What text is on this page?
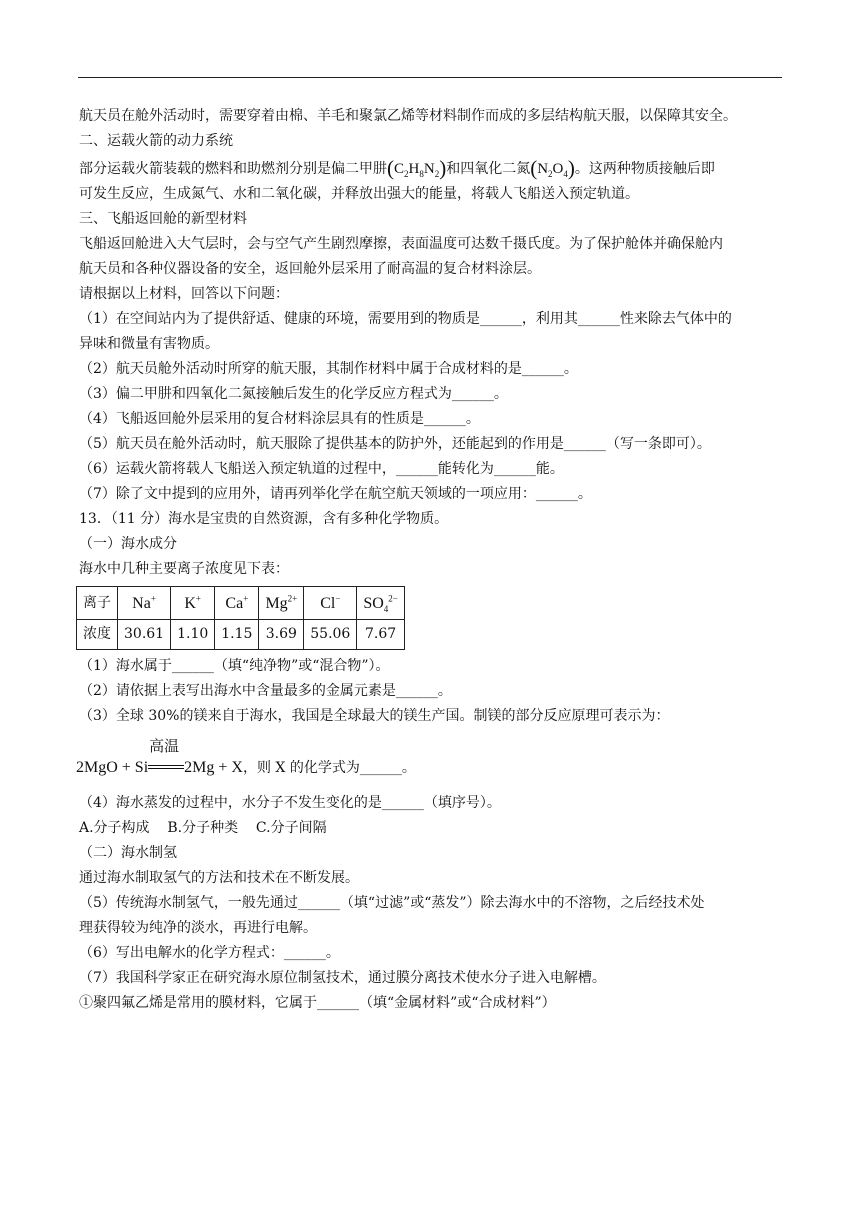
航天员在舱外活动时，需要穿着由棉、羊毛和聚氯乙烯等材料制作而成的多层结构航天服，以保障其安全。
二、运载火箭的动力系统
部分运载火箭装载的燃料和助燃剂分别是偏二甲肼$(C_2H_8N_2)$和四氧化二氮$(N_2O_4)$。这两种物质接触后即
可发生反应，生成氮气、水和二氧化碳，并释放出强大的能量，将载人飞船送入预定轨道。
三、飞船返回舱的新型材料
飞船返回舱进入大气层时，会与空气产生剧烈摩擦，表面温度可达数千摄氏度。为了保护舱体并确保舱内
航天员和各种仪器设备的安全，返回舱外层采用了耐高温的复合材料涂层。
请根据以上材料，回答以下问题：
（1）在空间站内为了提供舒适、健康的环境，需要用到的物质是______，利用其______性来除去气体中的
异味和微量有害物质。
（2）航天员舱外活动时所穿的航天服，其制作材料中属于合成材料的是______。
（3）偏二甲肼和四氧化二氮接触后发生的化学反应方程式为______。
（4）飞船返回舱外层采用的复合材料涂层具有的性质是______。
（5）航天员在舱外活动时，航天服除了提供基本的防护外，还能起到的作用是______（写一条即可）。
（6）运载火箭将载人飞船送入预定轨道的过程中，______能转化为______能。
（7）除了文中提到的应用外，请再列举化学在航空航天领域的一项应用：______。
13．（11 分）海水是宝贵的自然资源，含有多种化学物质。
（一）海水成分
海水中几种主要离子浓度见下表：
离子	Na+	K+	Ca+	$Mg^{2+}$	Cl−	$SO_4^{2-}$
浓度	30.61	1.10	1.15	3.69	55.06	7.67
（1）海水属于______（填“纯净物”或“混合物”）。
（2）请依据上表写出海水中含量最多的金属元素是______。
（3）全球 30%的镁来自于海水，我国是全球最大的镁生产国。制镁的部分反应原理可表示为：
2MgO + Si
高温
2Mg + X，则 X 的化学式为______。
（4）海水蒸发的过程中，水分子不发生变化的是______（填序号）。
A.分子构成    B.分子种类    C.分子间隔
（二）海水制氢
通过海水制取氢气的方法和技术在不断发展。
（5）传统海水制氢气，一般先通过______（填“过滤”或“蒸发”）除去海水中的不溶物，之后经技术处
理获得较为纯净的淡水，再进行电解。
（6）写出电解水的化学方程式：______。
（7）我国科学家正在研究海水原位制氢技术，通过膜分离技术使水分子进入电解槽。
①聚四氟乙烯是常用的膜材料，它属于______（填“金属材料”或“合成材料”）
